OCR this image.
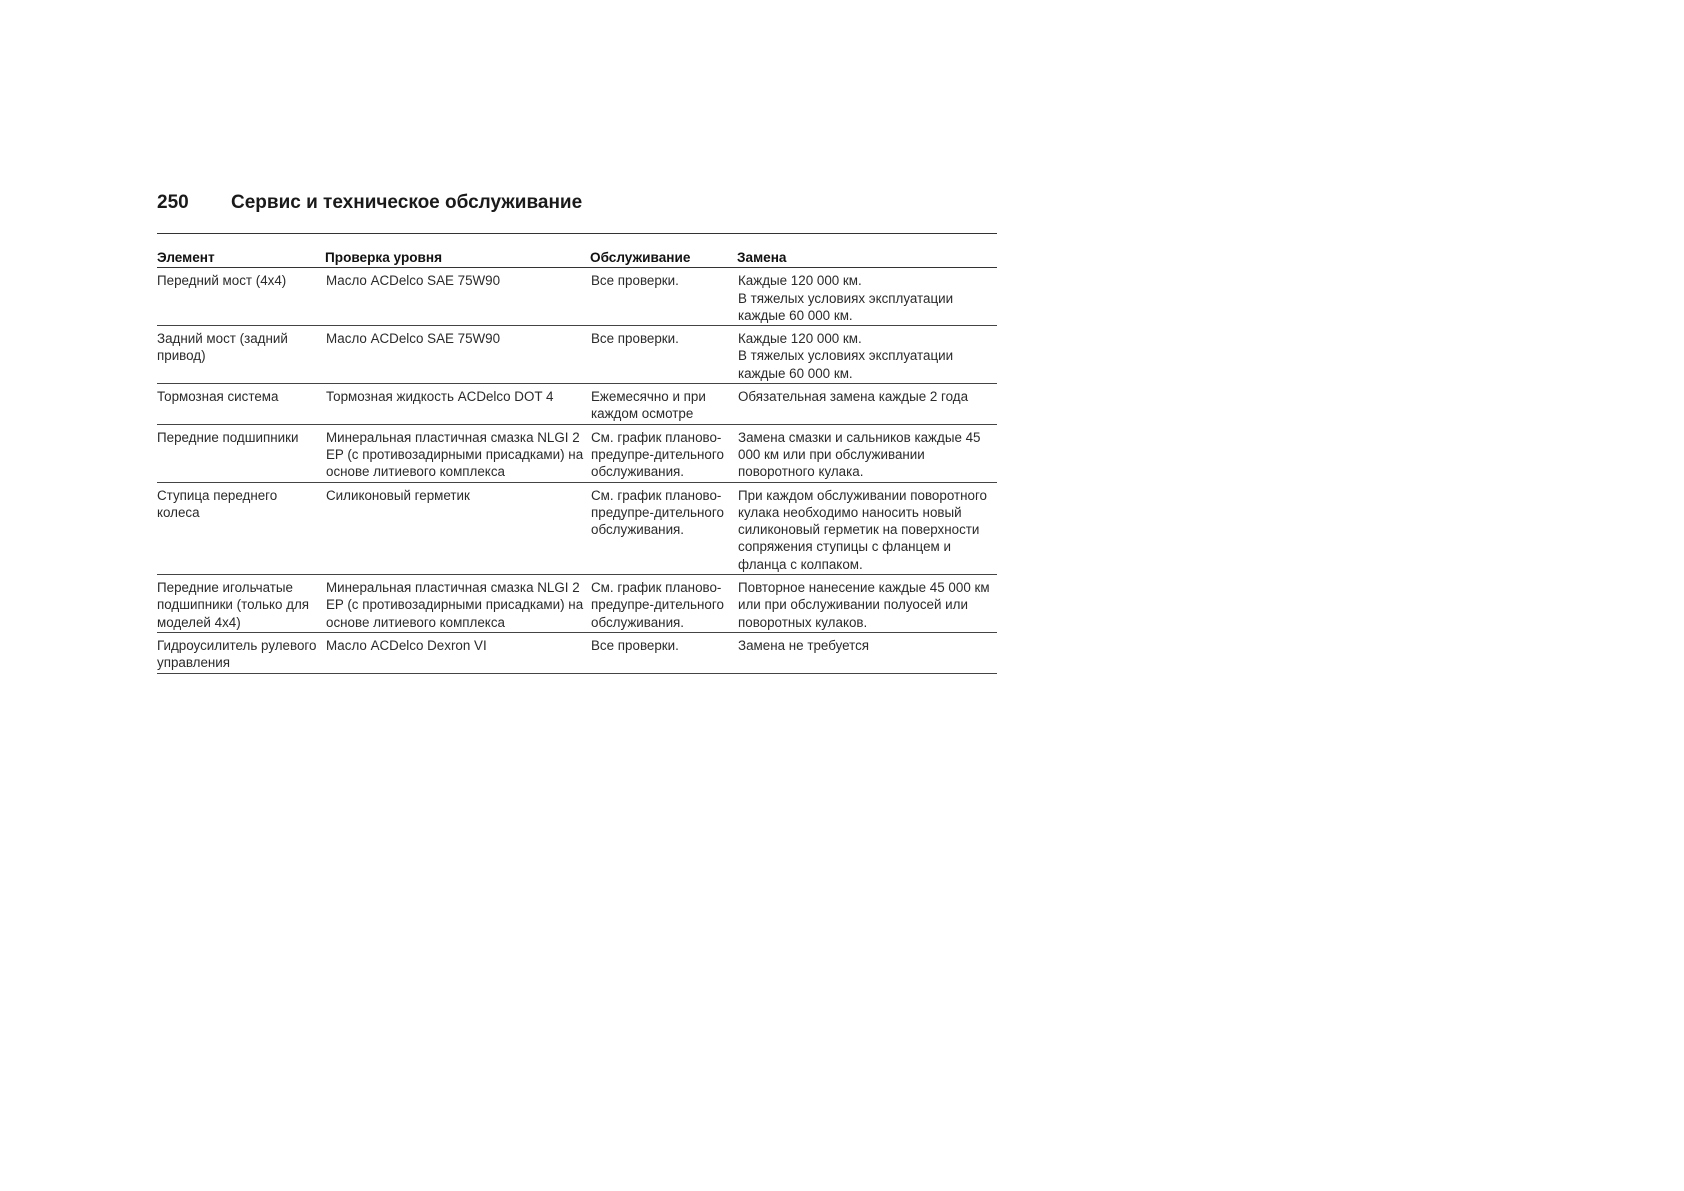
250	Сервис и техническое обслуживание
Элемент	Проверка уровня	Обслуживание	Замена
Передний мост (4x4)	Масло ACDelco SAE 75W90	Все проверки.	Каждые 120 000 км.
В тяжелых условиях эксплуатации каждые 60 000 км.
Задний мост (задний привод)	Масло ACDelco SAE 75W90	Все проверки.	Каждые 120 000 км.
В тяжелых условиях эксплуатации каждые 60 000 км.
Тормозная система	Тормозная жидкость ACDelco DOT 4	Ежемесячно и при каждом осмотре	Обязательная замена каждые 2 года
Передние подшипники	Минеральная пластичная смазка NLGI 2 EP (с противозадирными присадками) на основе литиевого комплекса	См. график планово-предупре-дительного обслуживания.	Замена смазки и сальников каждые 45 000 км или при обслуживании поворотного кулака.
Ступица переднего колеса	Силиконовый герметик	См. график планово-предупре-дительного обслуживания.	При каждом обслуживании поворотного кулака необходимо наносить новый силиконовый герметик на поверхности сопряжения ступицы с фланцем и фланца с колпаком.
Передние игольчатые подшипники (только для моделей 4x4)	Минеральная пластичная смазка NLGI 2 EP (с противозадирными присадками) на основе литиевого комплекса	См. график планово-предупре-дительного обслуживания.	Повторное нанесение каждые 45 000 км или при обслуживании полуосей или поворотных кулаков.
Гидроусилитель рулевого управления	Масло ACDelco Dexron VI	Все проверки.	Замена не требуется
